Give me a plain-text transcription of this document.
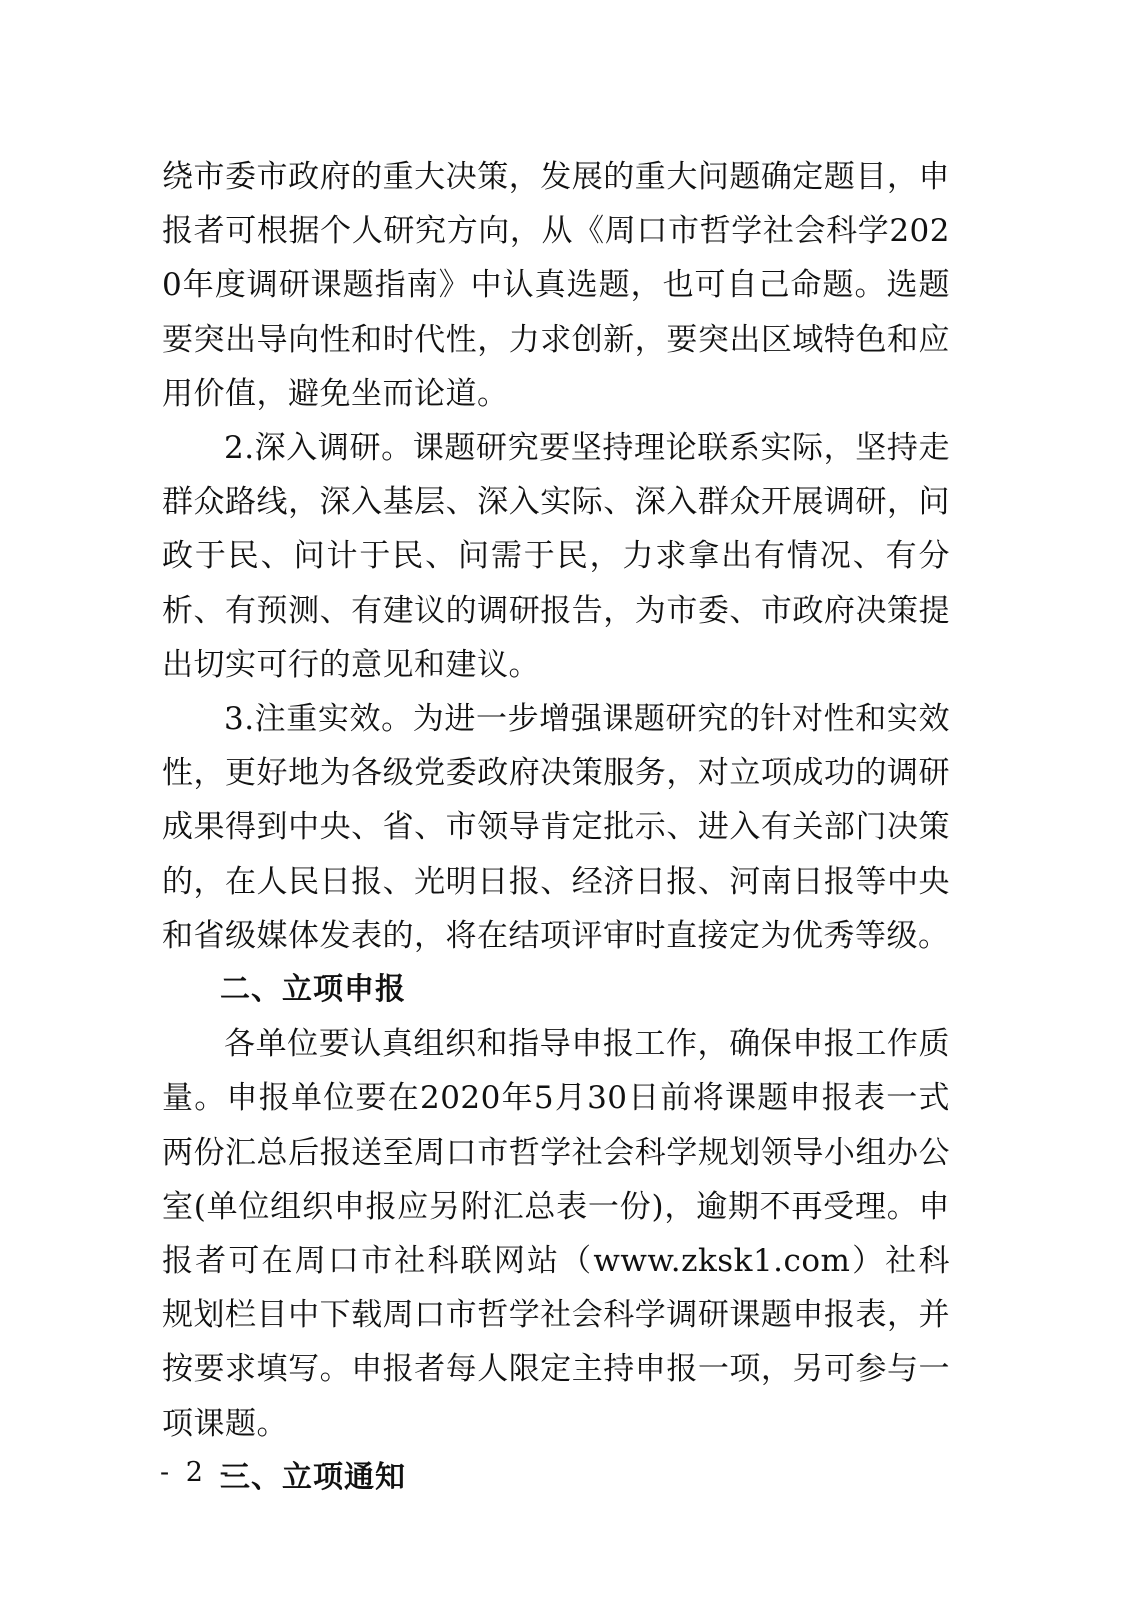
绕市委市政府的重大决策，发展的重大问题确定题目，申报者可根据个人研究方向，从《周口市哲学社会科学2020年度调研课题指南》中认真选题，也可自己命题。选题要突出导向性和时代性，力求创新，要突出区域特色和应用价值，避免坐而论道。

2.深入调研。课题研究要坚持理论联系实际，坚持走群众路线，深入基层、深入实际、深入群众开展调研，问政于民、问计于民、问需于民，力求拿出有情况、有分析、有预测、有建议的调研报告，为市委、市政府决策提出切实可行的意见和建议。

3.注重实效。为进一步增强课题研究的针对性和实效性，更好地为各级党委政府决策服务，对立项成功的调研成果得到中央、省、市领导肯定批示、进入有关部门决策的，在人民日报、光明日报、经济日报、河南日报等中央和省级媒体发表的，将在结项评审时直接定为优秀等级。

二、立项申报

各单位要认真组织和指导申报工作，确保申报工作质量。申报单位要在2020年5月30日前将课题申报表一式两份汇总后报送至周口市哲学社会科学规划领导小组办公室(单位组织申报应另附汇总表一份)，逾期不再受理。申报者可在周口市社科联网站（www.zksk1.com）社科规划栏目中下载周口市哲学社会科学调研课题申报表，并按要求填写。申报者每人限定主持申报一项，另可参与一项课题。

三、立项通知

- 2 -
